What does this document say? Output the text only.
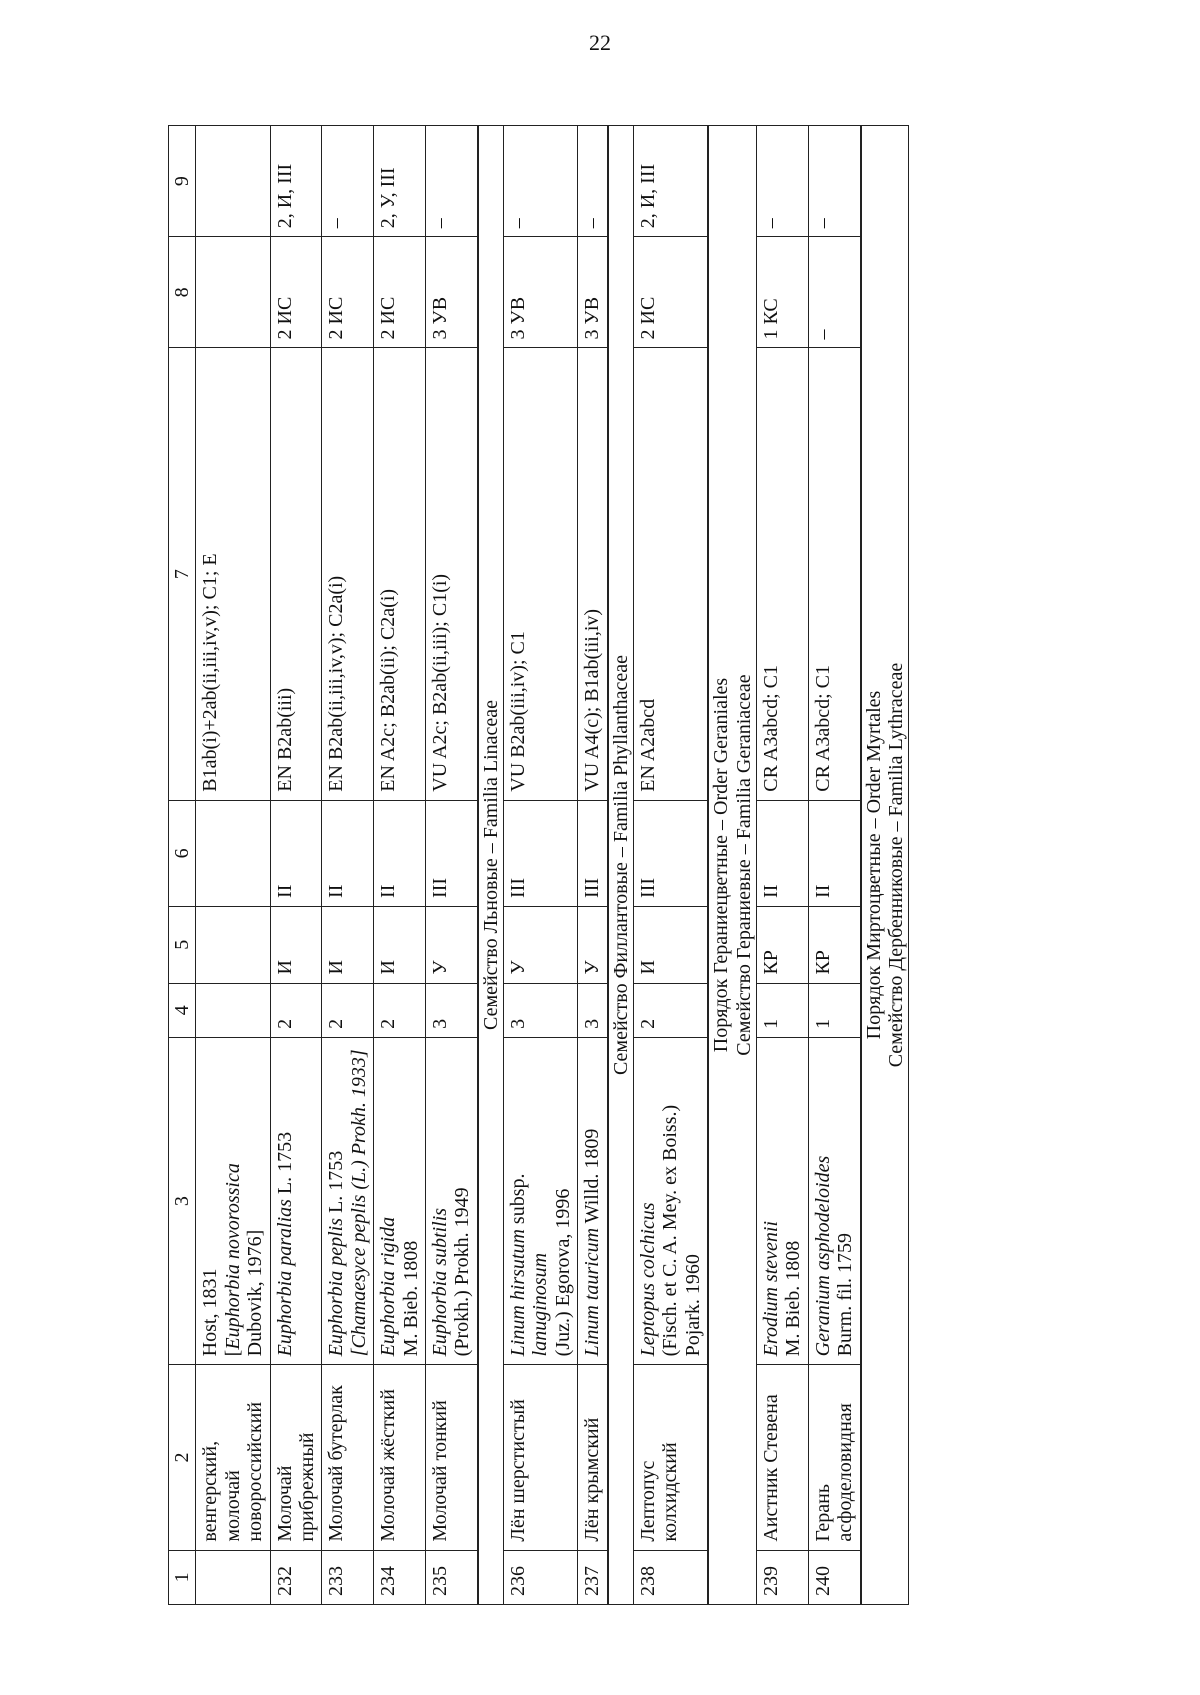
22
1	2	3	4	5	6	7	8	9
	венгерский, молочай новороссийский	Host, 1831
[Euphorbia novorossica
Dubovik, 1976]				B1ab(i)+2ab(ii,iii,iv,v); C1; E		
232	Молочай прибрежный	Euphorbia paralias L. 1753	2	И	II	EN B2ab(iii)	2 ИС	2, И, III
233	Молочай бутерлак	Euphorbia peplis L. 1753
[Chamaesyce peplis (L.) Prokh. 1933]	2	И	II	EN B2ab(ii,iii,iv,v); C2a(i)	2 ИС	–
234	Молочай жёсткий	Euphorbia rigida
M. Bieb. 1808	2	И	II	EN A2c; B2ab(ii); C2a(i)	2 ИС	2, У, III
235	Молочай тонкий	Euphorbia subtilis
(Prokh.) Prokh. 1949	3	У	III	VU A2c; B2ab(ii,iii); C1(i)	3 УВ	–
Семейство Льновые – Familia Linaceae								
236	Лён шерстистый	Linum hirsutum subsp.
lanuginosum
(Juz.) Egorova, 1996	3	У	III	VU B2ab(iii,iv); C1	3 УВ	–
237	Лён крымский	Linum tauricum Willd. 1809	3	У	III	VU A4(c); B1ab(iii,iv)	3 УВ	–
Семейство Филлантовые – Familia Phyllanthaceae								
238	Лептопус колхидский	Leptopus colchicus
(Fisch. et C. A. Mey. ex Boiss.) Pojark. 1960	2	И	III	EN A2abcd	2 ИС	2, И, III

Порядок Гераниецветные – Order Geraniales Семейство Гераниевые – Familia Geraniaceae								

239	Аистник Стевена	Erodium stevenii
M. Bieb. 1808	1	КР	II	CR A3abcd; C1	1 КС	–
240	Герань асфоделовидная	Geranium asphodeloides
Burm. fil. 1759	1	КР	II	CR A3abcd; C1	–	–

Порядок Миртоцветные – Order Myrtales Семейство Дербенниковые – Familia Lythraceae								
